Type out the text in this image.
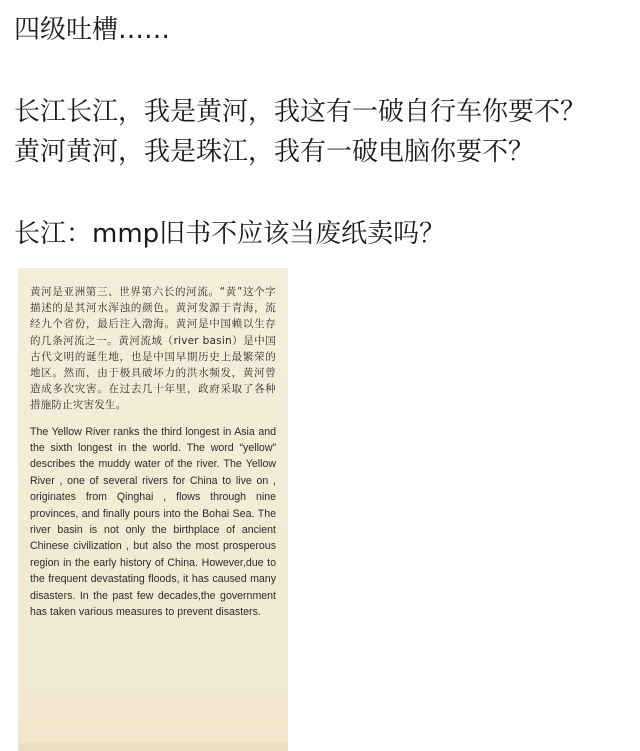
四级吐槽……
长江长江，我是黄河，我这有一破自行车你要不？
黄河黄河，我是珠江，我有一破电脑你要不？
长江：mmp旧书不应该当废纸卖吗？

黄河是亚洲第三、世界第六长的河流。“黄”这个字描述的是其河水浑浊的颜色。黄河发源于青海，流经九个省份，最后注入渤海。黄河是中国赖以生存的几条河流之一。黄河流域（river basin）是中国古代文明的诞生地，也是中国早期历史上最繁荣的地区。然而，由于极具破坏力的洪水频发，黄河曾造成多次灾害。在过去几十年里，政府采取了各种措施防止灾害发生。

The Yellow River ranks the third longest in Asia and the sixth longest in the world. The word “yellow” describes the muddy water of the river. The Yellow River , one of several rivers for China to live on , originates from Qinghai , flows through nine provinces, and finally pours into the Bohai Sea. The river basin is not only the birthplace of ancient Chinese civilization , but also the most prosperous region in the early history of China. However,due to the frequent devastating floods, it has caused many disasters. In the past few decades,the government has taken various measures to prevent disasters.
